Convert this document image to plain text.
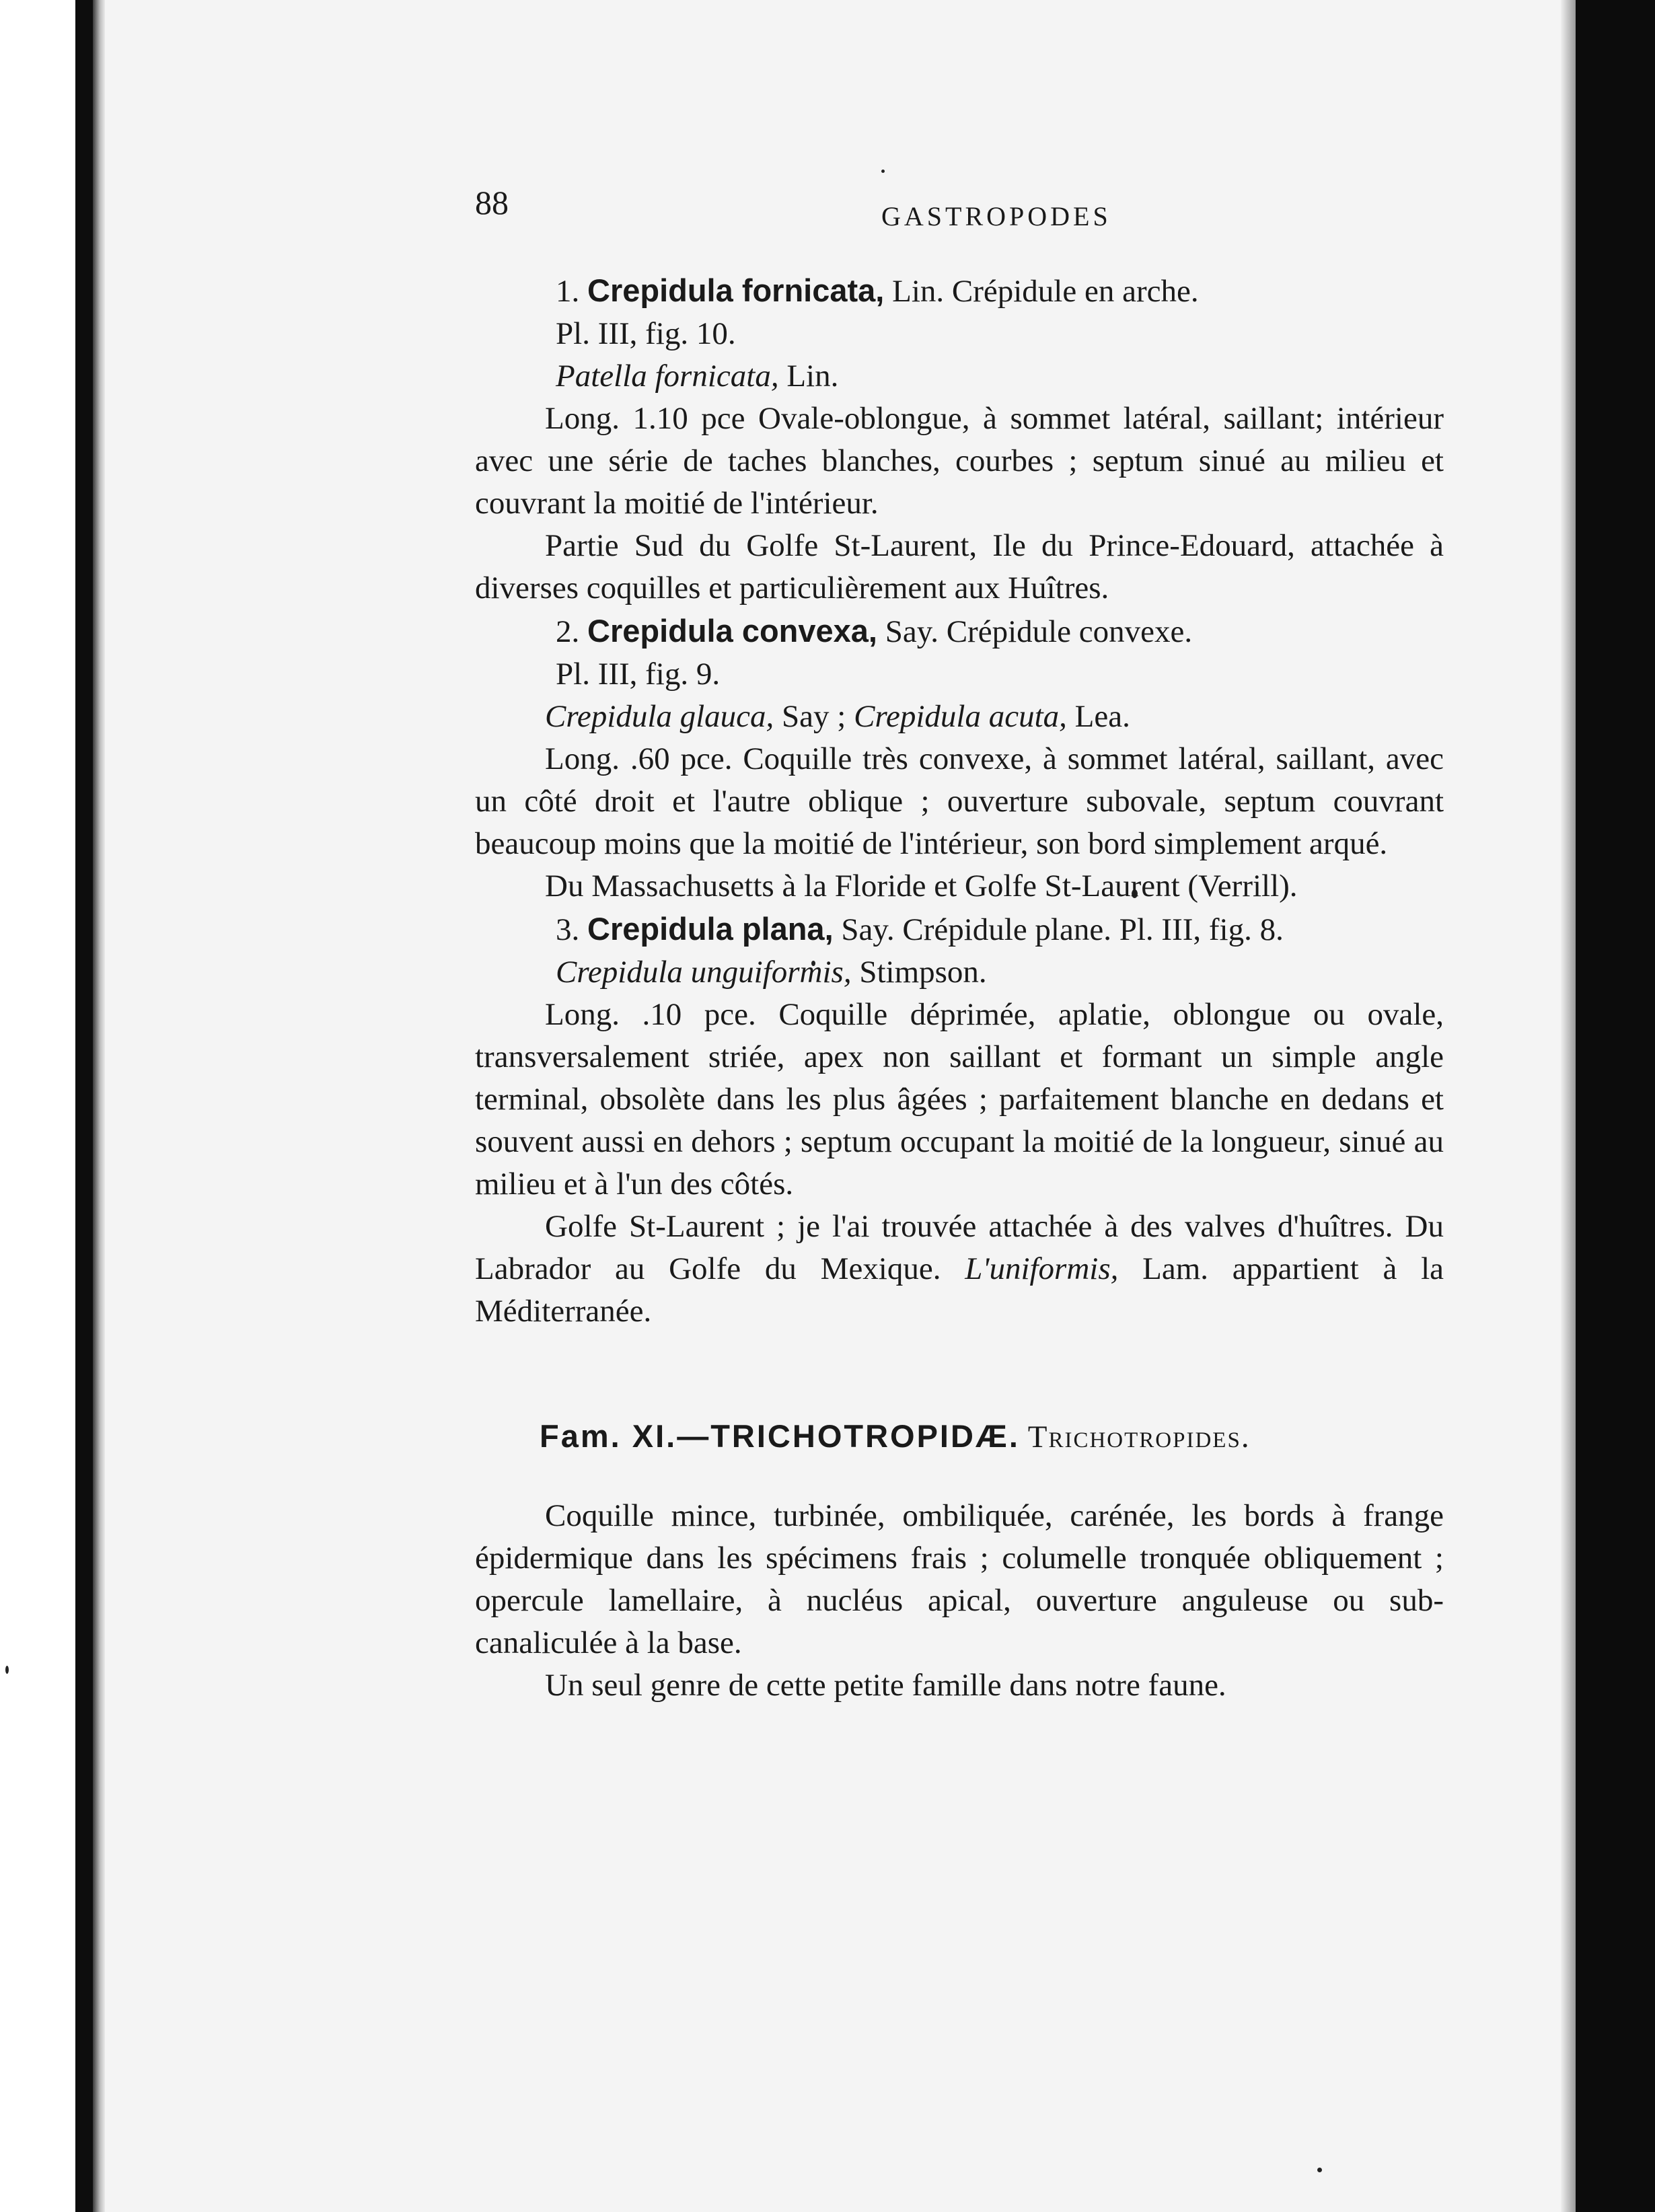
88	GASTROPODES

1. Crepidula fornicata, Lin. Crépidule en arche.

Pl. III, fig. 10.

Patella fornicata, Lin.

Long. 1.10 pce Ovale-oblongue, à sommet latéral, saillant; intérieur avec une série de taches blanches, courbes ; septum sinué au milieu et couvrant la moitié de l'intérieur.

Partie Sud du Golfe St-Laurent, Ile du Prince-Edouard, attachée à diverses coquilles et particulièrement aux Huîtres.

2. Crepidula convexa, Say. Crépidule convexe.

Pl. III, fig. 9.

Crepidula glauca, Say ; Crepidula acuta, Lea.

Long. .60 pce. Coquille très convexe, à sommet latéral, saillant, avec un côté droit et l'autre oblique ; ouverture subovale, septum couvrant beaucoup moins que la moitié de l'intérieur, son bord simplement arqué.

Du Massachusetts à la Floride et Golfe St-Laurent (Verrill).

3. Crepidula plana, Say. Crépidule plane. Pl. III, fig. 8.

Crepidula unguiformis, Stimpson.

Long. .10 pce. Coquille déprimée, aplatie, oblongue ou ovale, transversalement striée, apex non saillant et formant un simple angle terminal, obsolète dans les plus âgées ; parfaitement blanche en dedans et souvent aussi en dehors ; septum occupant la moitié de la longueur, sinué au milieu et à l'un des côtés.

Golfe St-Laurent ; je l'ai trouvée attachée à des valves d'huîtres. Du Labrador au Golfe du Mexique. L'uniformis, Lam. appartient à la Méditerranée.

Fam. XI.—TRICHOTROPIDÆ. Trichotropides.

Coquille mince, turbinée, ombiliquée, carénée, les bords à frange épidermique dans les spécimens frais ; columelle tronquée obliquement ; opercule lamellaire, à nucléus apical, ouverture anguleuse ou sub-canaliculée à la base.

Un seul genre de cette petite famille dans notre faune.
